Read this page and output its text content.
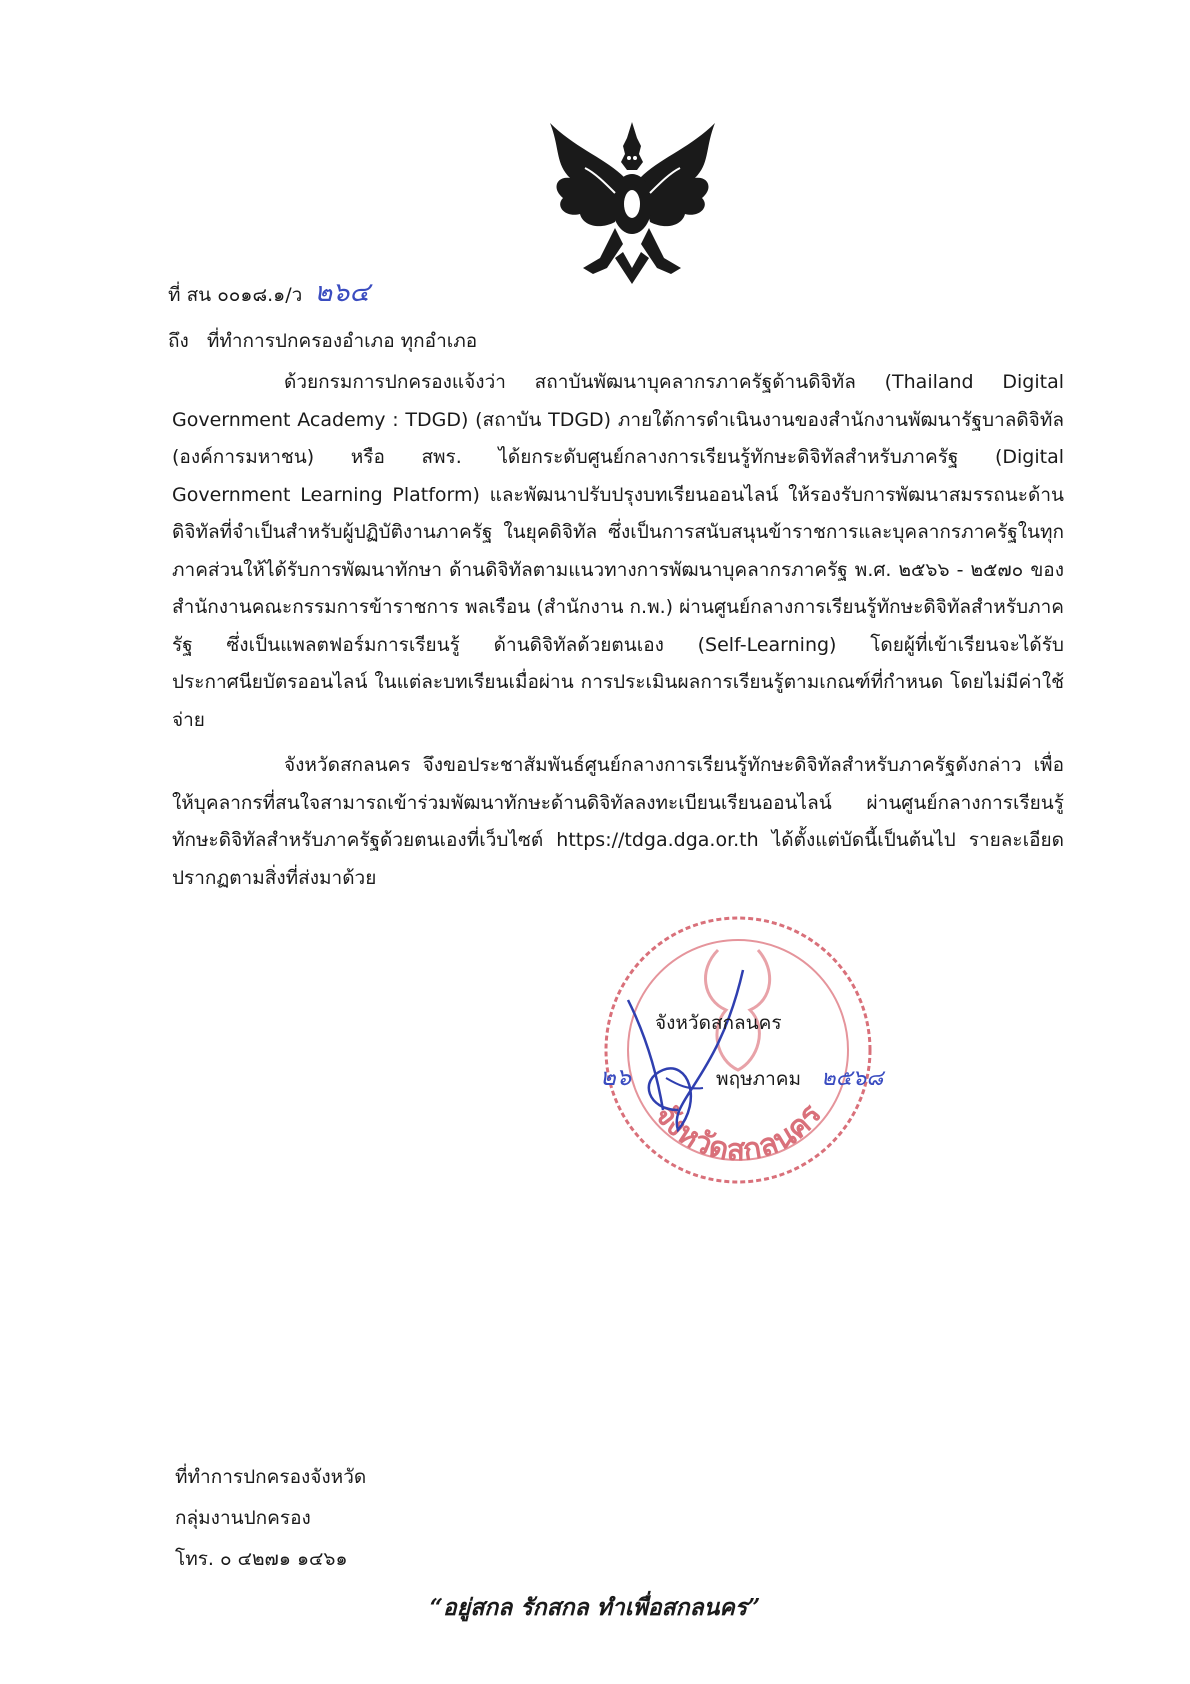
ที่ สน ๐๐๑๘.๑/ว ๒๖๔
ถึง ที่ทำการปกครองอำเภอ ทุกอำเภอ

ด้วยกรมการปกครองแจ้งว่า สถาบันพัฒนาบุคลากรภาครัฐด้านดิจิทัล (Thailand Digital Government Academy : TDGD) (สถาบัน TDGD) ภายใต้การดำเนินงานของสำนักงานพัฒนารัฐบาลดิจิทัล (องค์การมหาชน) หรือ สพร. ได้ยกระดับศูนย์กลางการเรียนรู้ทักษะดิจิทัลสำหรับภาครัฐ (Digital Government Learning Platform) และพัฒนาปรับปรุงบทเรียนออนไลน์ ให้รองรับการพัฒนาสมรรถนะด้านดิจิทัลที่จำเป็นสำหรับผู้ปฏิบัติงานภาครัฐ ในยุคดิจิทัล ซึ่งเป็นการสนับสนุนข้าราชการและบุคลากรภาครัฐในทุกภาคส่วนให้ได้รับการพัฒนาทักษา ด้านดิจิทัลตามแนวทางการพัฒนาบุคลากรภาครัฐ พ.ศ. ๒๕๖๖ - ๒๕๗๐ ของสำนักงานคณะกรรมการข้าราชการ พลเรือน (สำนักงาน ก.พ.) ผ่านศูนย์กลางการเรียนรู้ทักษะดิจิทัลสำหรับภาครัฐ ซึ่งเป็นแพลตฟอร์มการเรียนรู้ ด้านดิจิทัลด้วยตนเอง (Self-Learning) โดยผู้ที่เข้าเรียนจะได้รับประกาศนียบัตรออนไลน์ ในแต่ละบทเรียนเมื่อผ่าน การประเมินผลการเรียนรู้ตามเกณฑ์ที่กำหนด โดยไม่มีค่าใช้จ่าย

จังหวัดสกลนคร จึงขอประชาสัมพันธ์ศูนย์กลางการเรียนรู้ทักษะดิจิทัลสำหรับภาครัฐดังกล่าว เพื่อให้บุคลากรที่สนใจสามารถเข้าร่วมพัฒนาทักษะด้านดิจิทัลลงทะเบียนเรียนออนไลน์ ผ่านศูนย์กลางการเรียนรู้ ทักษะดิจิทัลสำหรับภาครัฐด้วยตนเองที่เว็บไซต์ https://tdga.dga.or.th ได้ตั้งแต่บัดนี้เป็นต้นไป รายละเอียด ปรากฏตามสิ่งที่ส่งมาด้วย

จังหวัดสกลนคร
จังหวัดสกลนคร
๒๖	พฤษภาคม ๒๕๖๘
ที่ทำการปกครองจังหวัด
กลุ่มงานปกครอง
โทร. ๐ ๔๒๗๑ ๑๔๖๑
“อยู่สกล รักสกล ทำเพื่อสกลนคร”
